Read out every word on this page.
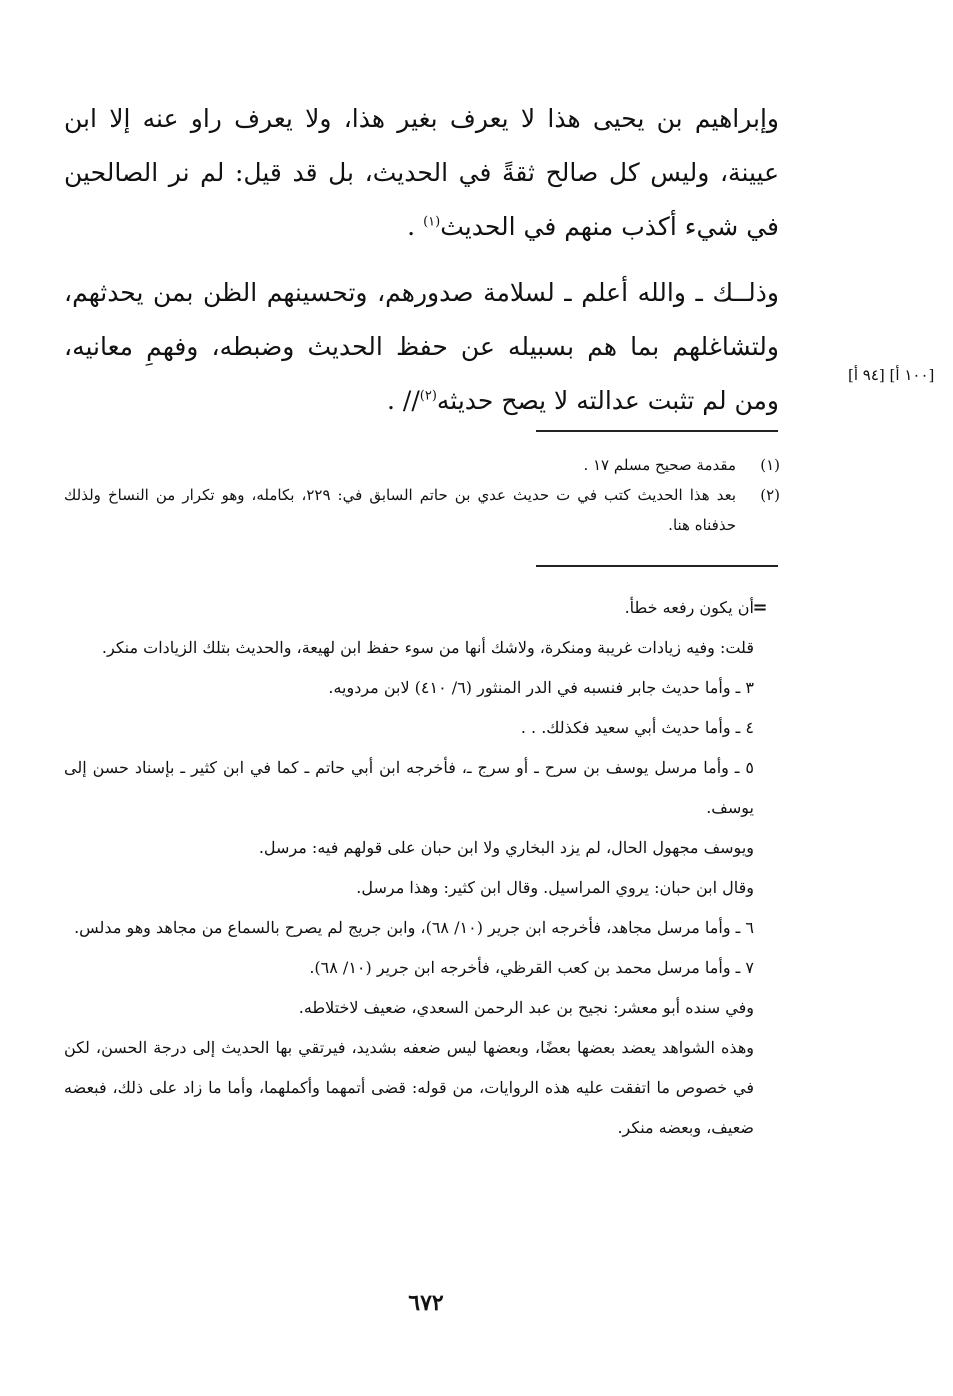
وإبراهيم بن يحيى هذا لا يعرف بغير هذا، ولا يعرف راو عنه إلا ابن عيينة، وليس كل صالح ثقةً في الحديث، بل قد قيل: لم نر الصالحين في شيء أكذب منهم في الحديث$^{(١)}$ .

وذلــك ـ والله أعلم ـ لسلامة صدورهم، وتحسينهم الظن بمن يحدثهم، ولتشاغلهم بما هم بسبيله عن حفظ الحديث وضبطه، وفهمِ معانيه، ومن لم تثبت عدالته لا يصح حديثه$^{(٢)}$// .

[١٠٠ أ] [٩٤ أ]
(١)
مقدمة صحيح مسلم ١٧ .
(٢)
بعد هذا الحديث كتب في ت حديث عدي بن حاتم السابق في: ٢٢٩، بكامله، وهو تكرار من النساخ ولذلك حذفناه هنا.
=

أن يكون رفعه خطأ.

قلت: وفيه زيادات غريبة ومنكرة، ولاشك أنها من سوء حفظ ابن لهيعة، والحديث بتلك الزيادات منكر.

٣ ـ وأما حديث جابر فنسبه في الدر المنثور (٦/ ٤١٠) لابن مردويه.

٤ ـ وأما حديث أبي سعيد فكذلك. . .

٥ ـ وأما مرسل يوسف بن سرح ـ أو سرج ـ، فأخرجه ابن أبي حاتم ـ كما في ابن كثير ـ بإسناد حسن إلى يوسف.

ويوسف مجهول الحال، لم يزد البخاري ولا ابن حبان على قولهم فيه: مرسل.

وقال ابن حبان: يروي المراسيل. وقال ابن كثير: وهذا مرسل.

٦ ـ وأما مرسل مجاهد، فأخرجه ابن جرير (١٠/ ٦٨)، وابن جريج لم يصرح بالسماع من مجاهد وهو مدلس.

٧ ـ وأما مرسل محمد بن كعب القرظي، فأخرجه ابن جرير (١٠/ ٦٨).

وفي سنده أبو معشر: نجيح بن عبد الرحمن السعدي، ضعيف لاختلاطه.

وهذه الشواهد يعضد بعضها بعضًا، وبعضها ليس ضعفه بشديد، فيرتقي بها الحديث إلى درجة الحسن، لكن في خصوص ما اتفقت عليه هذه الروايات، من قوله: قضى أتمهما وأكملهما، وأما ما زاد على ذلك، فبعضه ضعيف، وبعضه منكر.

٦٧٢
